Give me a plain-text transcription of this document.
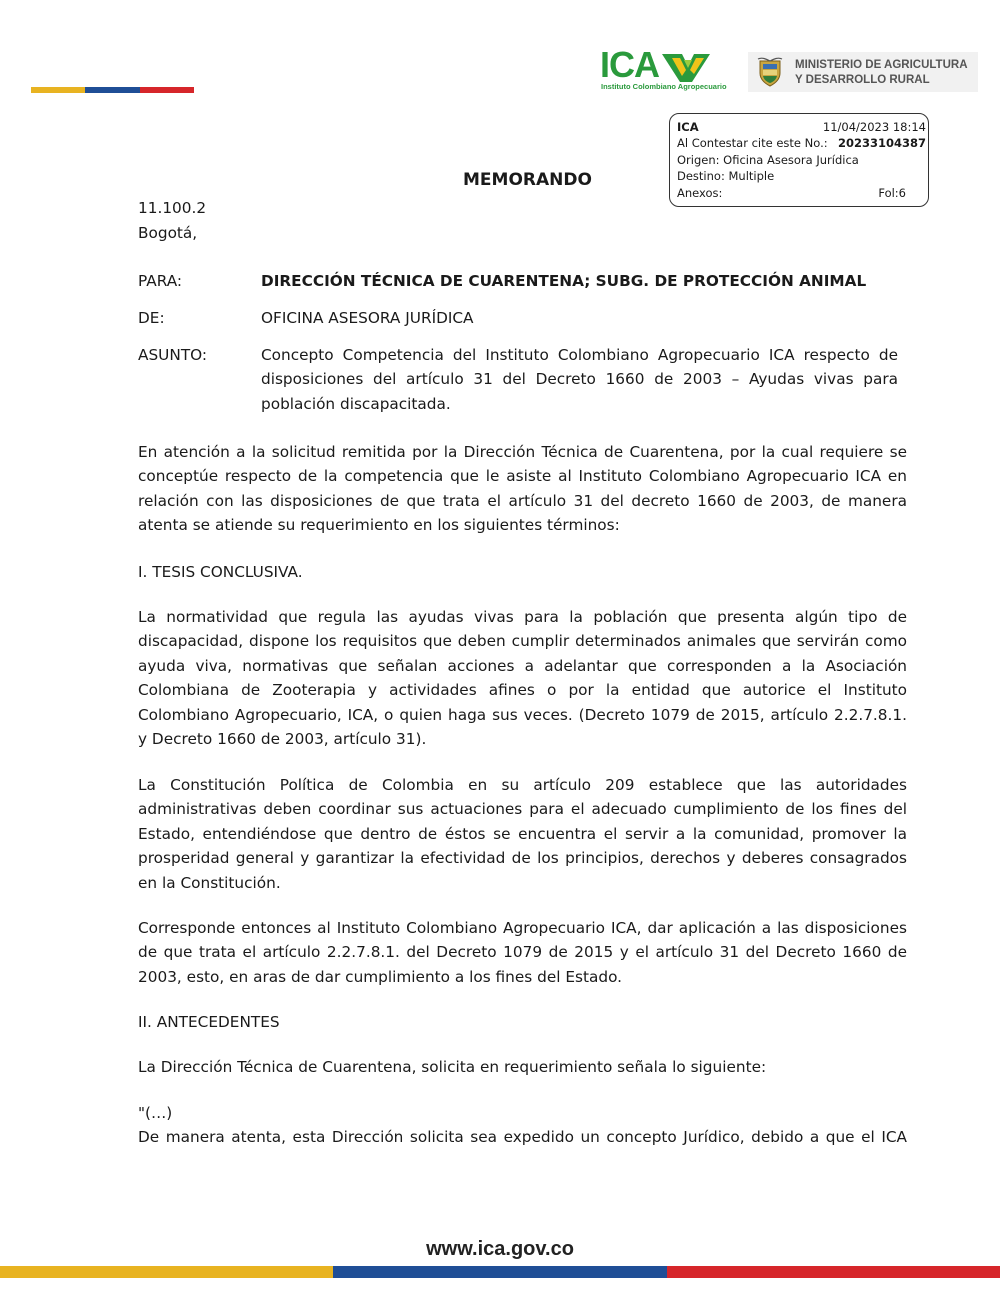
ICA
Instituto Colombiano Agropecuario
MINISTERIO DE AGRICULTURA
Y DESARROLLO RURAL
ICA	11/04/2023 18:14
Al Contestar cite este No.: 20233104387
Origen: Oficina Asesora Jurídica
Destino: Multiple
Anexos:	Fol:6
MEMORANDO
11.100.2
Bogotá,
PARA:	DIRECCIÓN TÉCNICA DE CUARENTENA; SUBG. DE PROTECCIÓN ANIMAL
DE:	OFICINA ASESORA JURÍDICA
ASUNTO:	Concepto Competencia del Instituto Colombiano Agropecuario ICA respecto de disposiciones del artículo 31 del Decreto 1660 de 2003 – Ayudas vivas para población discapacitada.
En atención a la solicitud remitida por la Dirección Técnica de Cuarentena, por la cual requiere se conceptúe respecto de la competencia que le asiste al Instituto Colombiano Agropecuario ICA en relación con las disposiciones de que trata el artículo 31 del decreto 1660 de 2003, de manera atenta se atiende su requerimiento en los siguientes términos:
I. TESIS CONCLUSIVA.
La normatividad que regula las ayudas vivas para la población que presenta algún tipo de discapacidad, dispone los requisitos que deben cumplir determinados animales que servirán como ayuda viva, normativas que señalan acciones a adelantar que corresponden a la Asociación Colombiana de Zooterapia y actividades afines o por la entidad que autorice el Instituto Colombiano Agropecuario, ICA, o quien haga sus veces. (Decreto 1079 de 2015, artículo 2.2.7.8.1. y Decreto 1660 de 2003, artículo 31).
La Constitución Política de Colombia en su artículo 209 establece que las autoridades administrativas deben coordinar sus actuaciones para el adecuado cumplimiento de los fines del Estado, entendiéndose que dentro de éstos se encuentra el servir a la comunidad, promover la prosperidad general y garantizar la efectividad de los principios, derechos y deberes consagrados en la Constitución.
Corresponde entonces al Instituto Colombiano Agropecuario ICA, dar aplicación a las disposiciones de que trata el artículo 2.2.7.8.1. del Decreto 1079 de 2015 y el artículo 31 del Decreto 1660 de 2003, esto, en aras de dar cumplimiento a los fines del Estado.
II. ANTECEDENTES
La Dirección Técnica de Cuarentena, solicita en requerimiento señala lo siguiente:
"(…)
De manera atenta, esta Dirección solicita sea expedido un concepto Jurídico, debido a que el ICA
www.ica.gov.co
